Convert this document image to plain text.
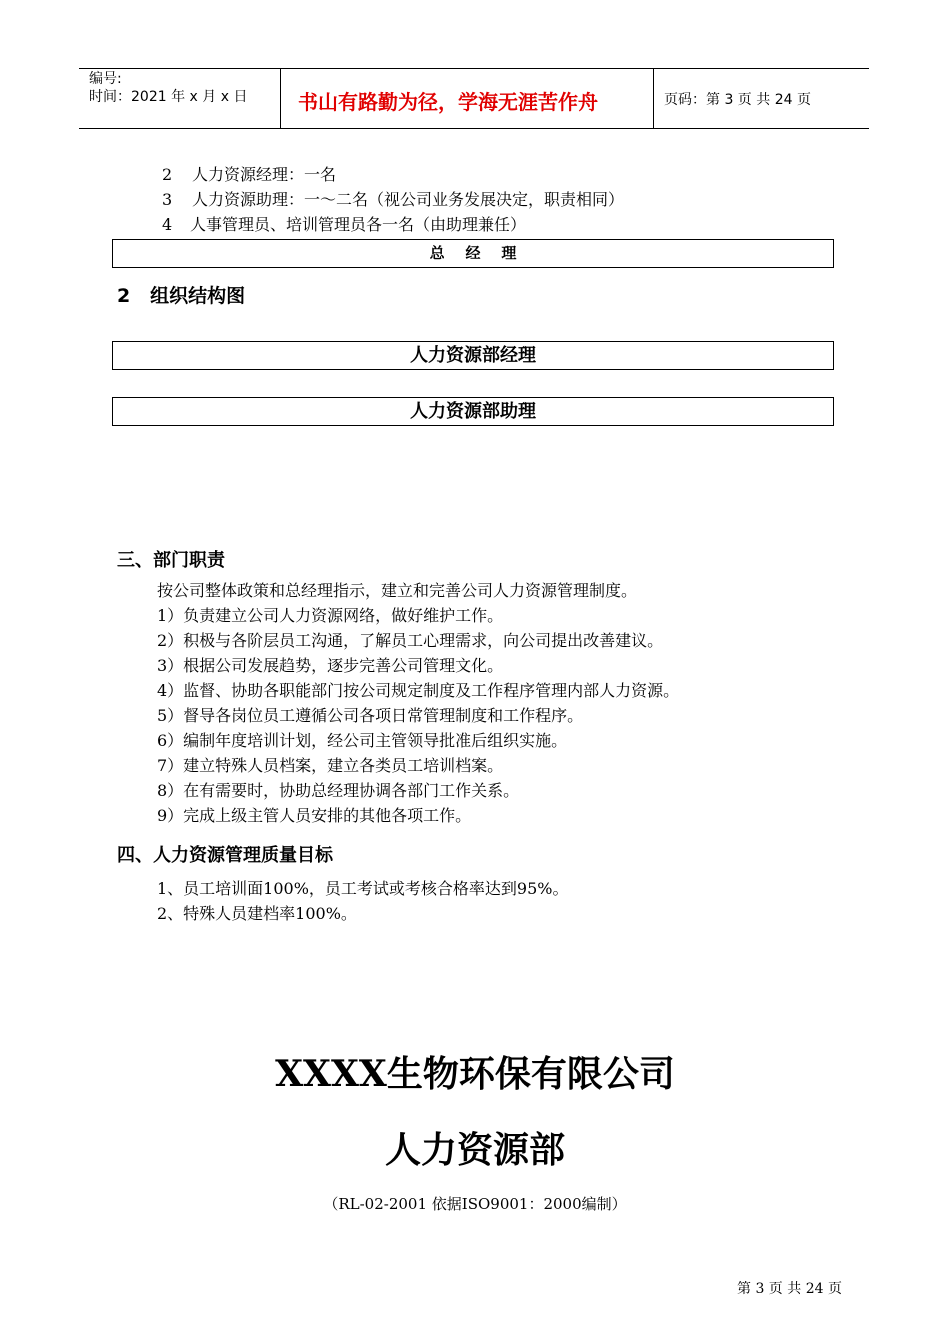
编号:
时间：2021 年 x 月 x 日	书山有路勤为径，学海无涯苦作舟	页码：第 3 页 共 24 页
2 人力资源经理：一名
3 人力资源助理：一～二名（视公司业务发展决定，职责相同）
4 人事管理员、培训管理员各一名（由助理兼任）
总    经    理
2   组织结构图
人力资源部经理
人力资源部助理
三、部门职责
按公司整体政策和总经理指示，建立和完善公司人力资源管理制度。
1）负责建立公司人力资源网络，做好维护工作。
2）积极与各阶层员工沟通，了解员工心理需求，向公司提出改善建议。
3）根据公司发展趋势，逐步完善公司管理文化。
4）监督、协助各职能部门按公司规定制度及工作程序管理内部人力资源。
5）督导各岗位员工遵循公司各项日常管理制度和工作程序。
6）编制年度培训计划，经公司主管领导批准后组织实施。
7）建立特殊人员档案，建立各类员工培训档案。
8）在有需要时，协助总经理协调各部门工作关系。
9）完成上级主管人员安排的其他各项工作。
四、人力资源管理质量目标
1、员工培训面100%，员工考试或考核合格率达到95%。
2、特殊人员建档率100%。
XXXX生物环保有限公司
人力资源部
（RL-02-2001 依据ISO9001：2000编制）
第 3 页 共 24 页
